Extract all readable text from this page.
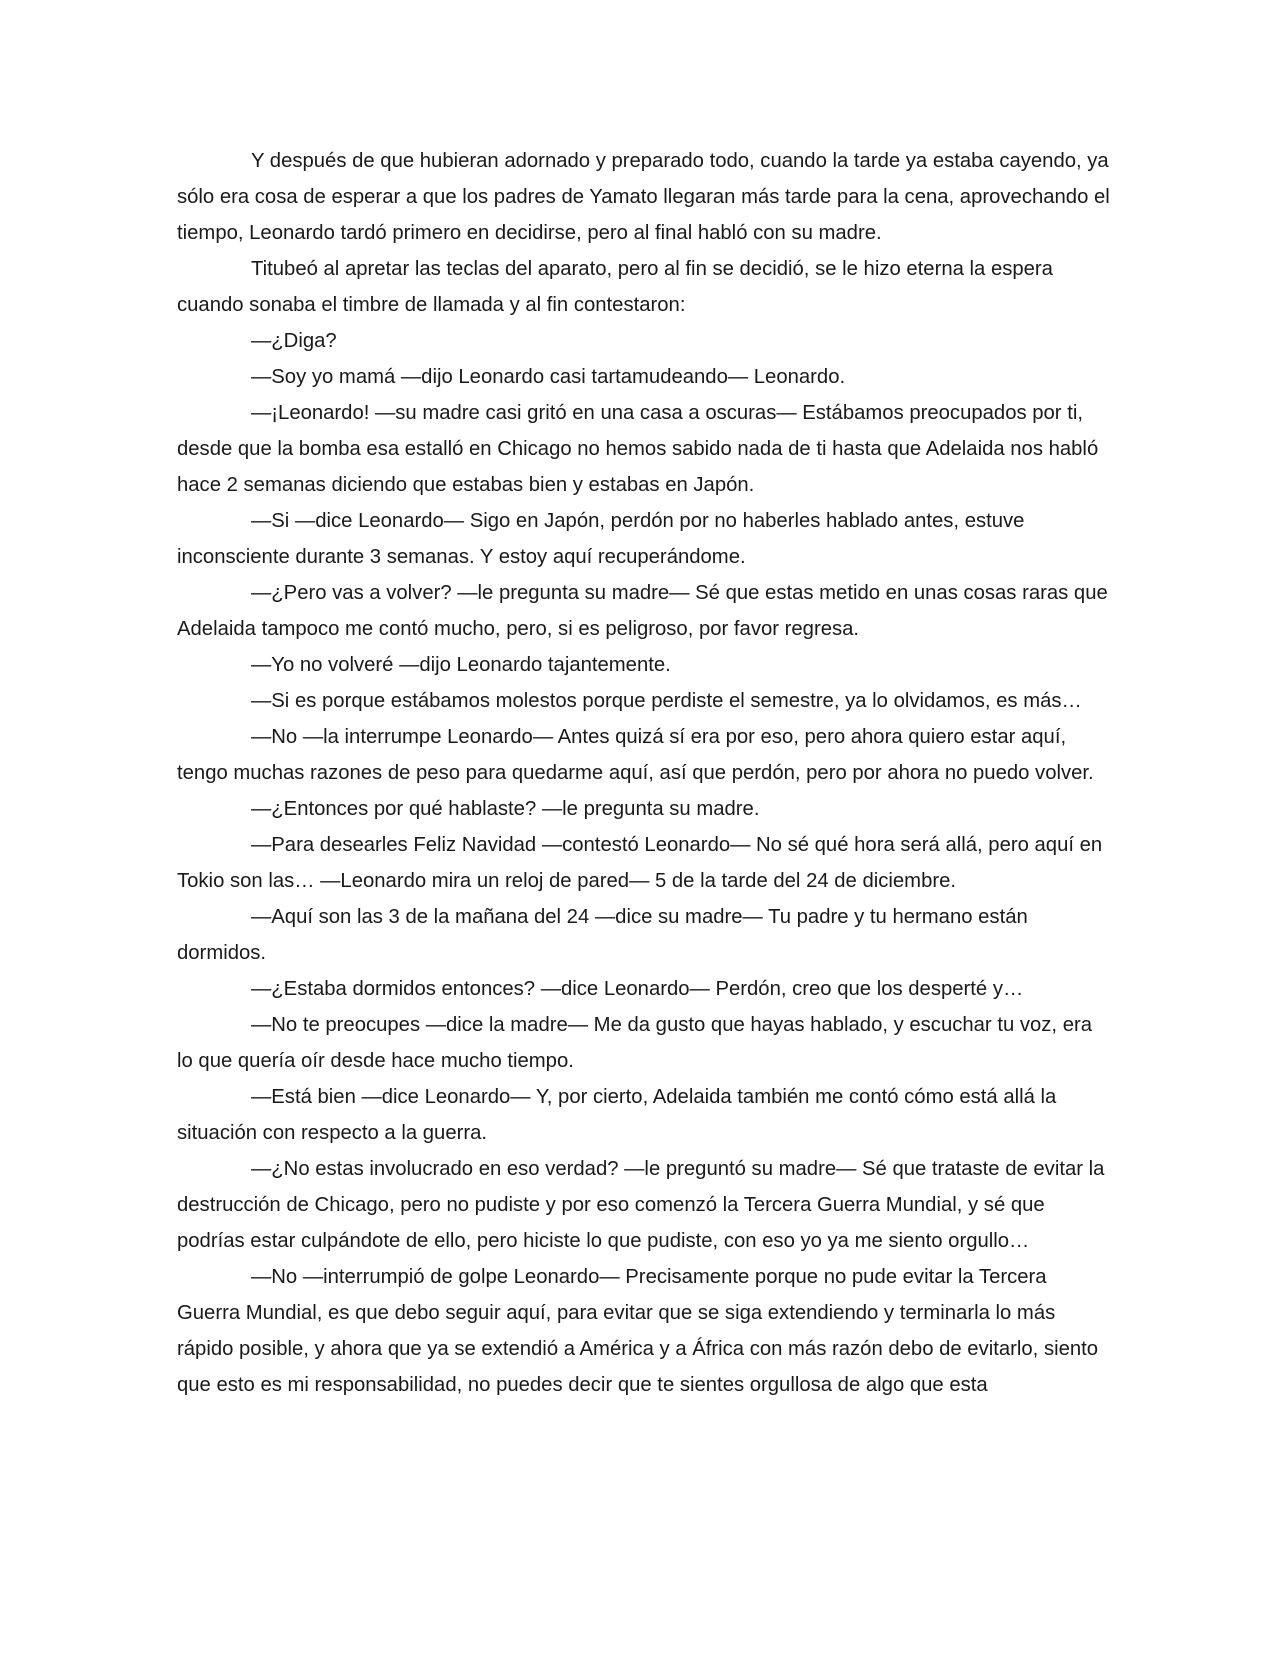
Y después de que hubieran adornado y preparado todo, cuando la tarde ya estaba cayendo, ya sólo era cosa de esperar a que los padres de Yamato llegaran más tarde para la cena, aprovechando el tiempo, Leonardo tardó primero en decidirse, pero al final habló con su madre.

Titubeó al apretar las teclas del aparato, pero al fin se decidió, se le hizo eterna la espera cuando sonaba el timbre de llamada y al fin contestaron:

—¿Diga?

—Soy yo mamá —dijo Leonardo casi tartamudeando— Leonardo.

—¡Leonardo! —su madre casi gritó en una casa a oscuras— Estábamos preocupados por ti, desde que la bomba esa estalló en Chicago no hemos sabido nada de ti hasta que Adelaida nos habló hace 2 semanas diciendo que estabas bien y estabas en Japón.

—Si —dice Leonardo— Sigo en Japón, perdón por no haberles hablado antes, estuve inconsciente durante 3 semanas. Y estoy aquí recuperándome.

—¿Pero vas a volver? —le pregunta su madre— Sé que estas metido en unas cosas raras que Adelaida tampoco me contó mucho, pero, si es peligroso, por favor regresa.

—Yo no volveré —dijo Leonardo tajantemente.

—Si es porque estábamos molestos porque perdiste el semestre, ya lo olvidamos, es más…

—No —la interrumpe Leonardo— Antes quizá sí era por eso, pero ahora quiero estar aquí, tengo muchas razones de peso para quedarme aquí, así que perdón, pero por ahora no puedo volver.

—¿Entonces por qué hablaste? —le pregunta su madre.

—Para desearles Feliz Navidad —contestó Leonardo— No sé qué hora será allá, pero aquí en Tokio son las… —Leonardo mira un reloj de pared— 5 de la tarde del 24 de diciembre.

—Aquí son las 3 de la mañana del 24 —dice su madre— Tu padre y tu hermano están dormidos.

—¿Estaba dormidos entonces? —dice Leonardo— Perdón, creo que los desperté y…

—No te preocupes —dice la madre— Me da gusto que hayas hablado, y escuchar tu voz, era lo que quería oír desde hace mucho tiempo.

—Está bien —dice Leonardo— Y, por cierto, Adelaida también me contó cómo está allá la situación con respecto a la guerra.

—¿No estas involucrado en eso verdad? —le preguntó su madre— Sé que trataste de evitar la destrucción de Chicago, pero no pudiste y por eso comenzó la Tercera Guerra Mundial, y sé que podrías estar culpándote de ello, pero hiciste lo que pudiste, con eso yo ya me siento orgullo…

—No —interrumpió de golpe Leonardo— Precisamente porque no pude evitar la Tercera Guerra Mundial, es que debo seguir aquí, para evitar que se siga extendiendo y terminarla lo más rápido posible, y ahora que ya se extendió a América y a África con más razón debo de evitarlo, siento que esto es mi responsabilidad, no puedes decir que te sientes orgullosa de algo que esta
